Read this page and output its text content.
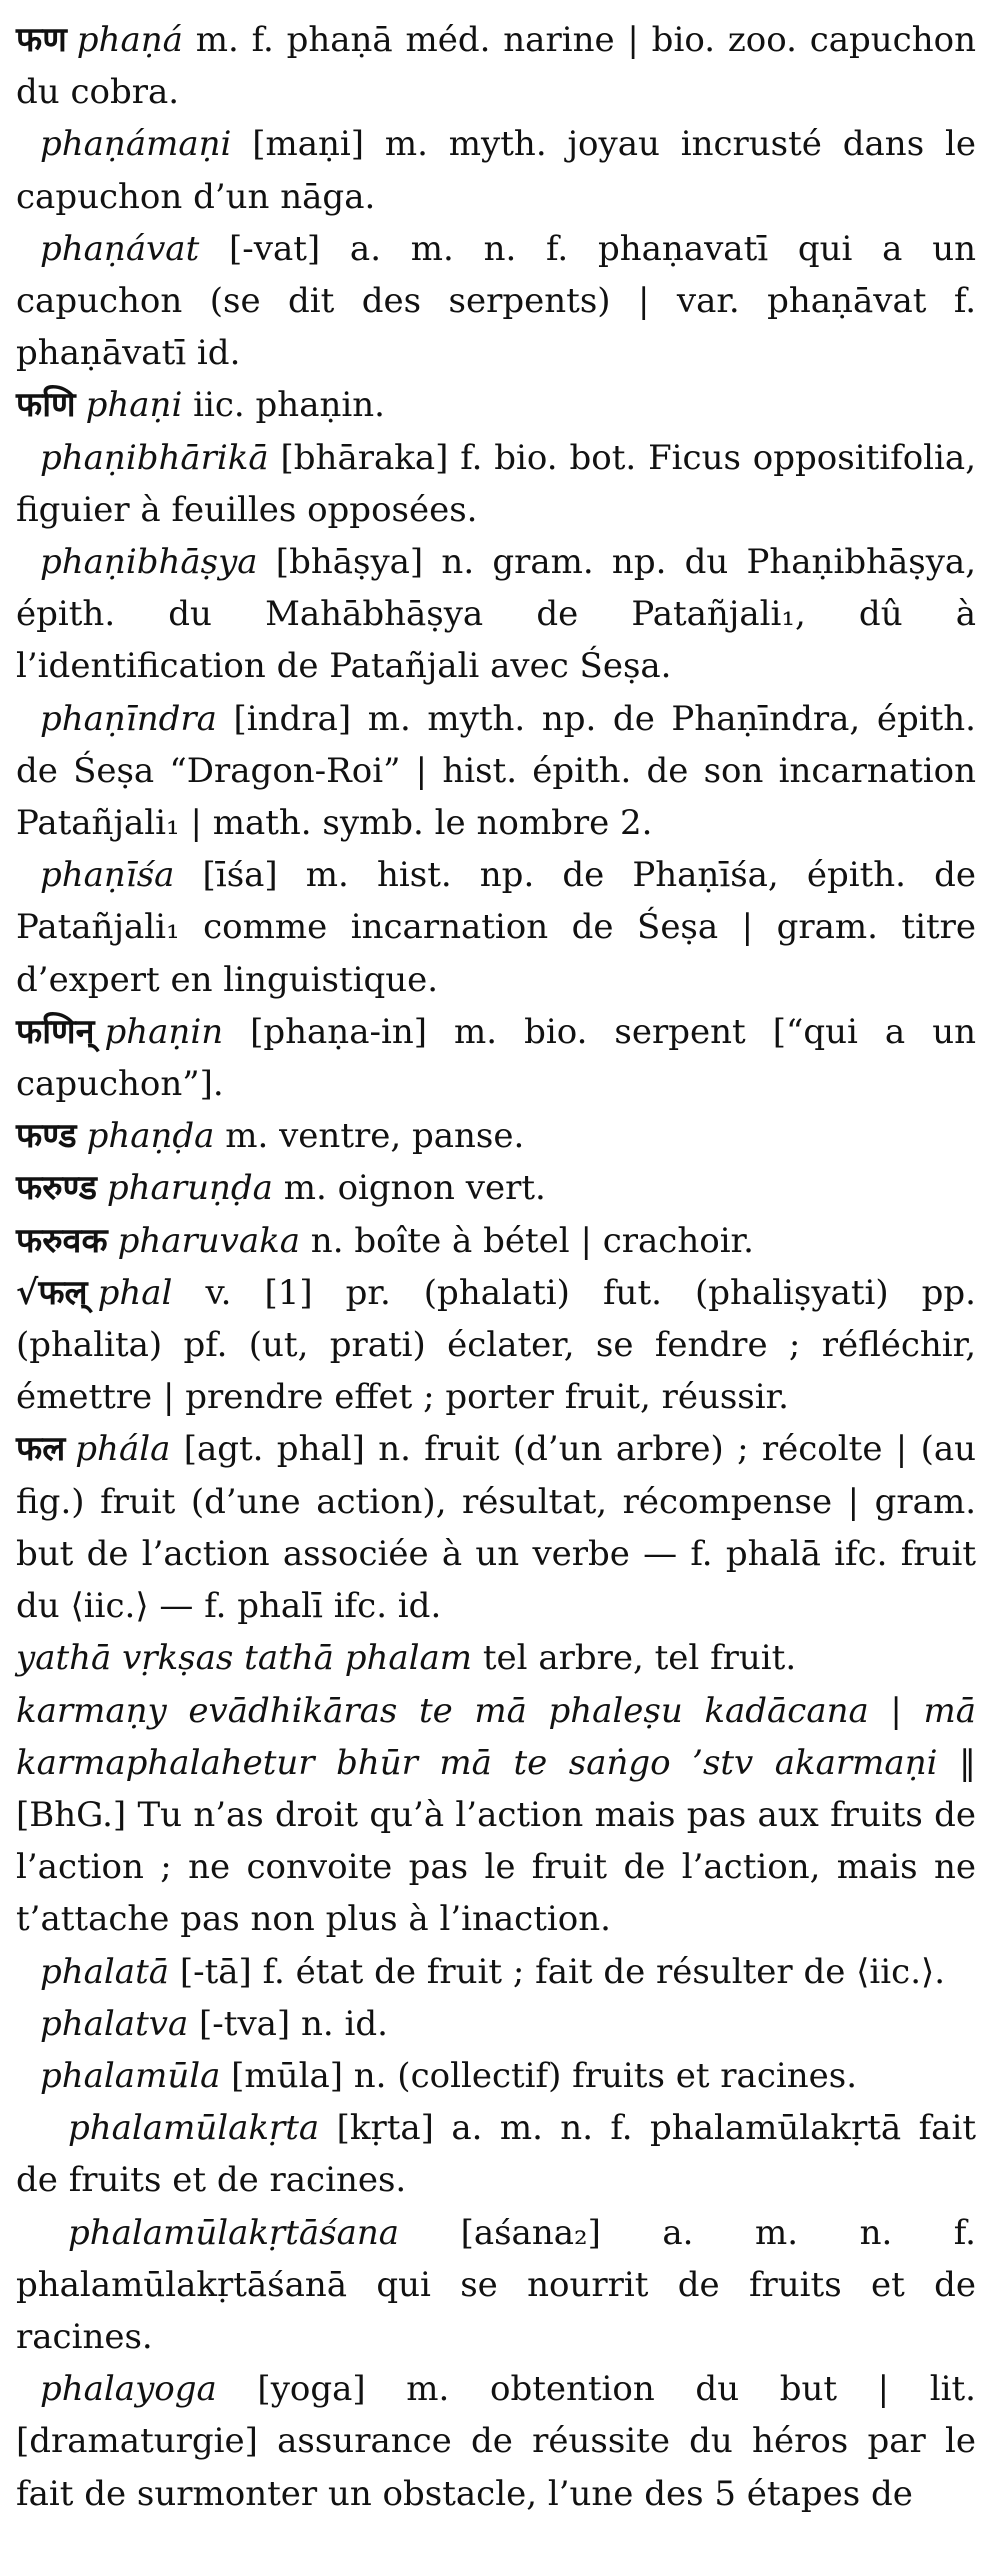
फण phaṇá m. f. phaṇā méd. narine | bio. zoo. capuchon du cobra.

phaṇámaṇi [maṇi] m. myth. joyau incrusté dans le capuchon d’un nāga.

phaṇávat [-vat] a. m. n. f. phaṇavatī qui a un capuchon (se dit des serpents) | var. phaṇāvat f. phaṇāvatī id.

फणि phaṇi iic. phaṇin.

phaṇibhārikā [bhāraka] f. bio. bot. Ficus oppositifolia, figuier à feuilles opposées.

phaṇibhāṣya [bhāṣya] n. gram. np. du Phaṇibhāṣya, épith. du Mahābhāṣya de Patañjali₁, dû à l’identification de Patañjali avec Śeṣa.

phaṇīndra [indra] m. myth. np. de Phaṇīndra, épith. de Śeṣa “Dragon-Roi” | hist. épith. de son incarnation Patañjali₁ | math. symb. le nombre 2.

phaṇīśa [īśa] m. hist. np. de Phaṇīśa, épith. de Patañjali₁ comme incarnation de Śeṣa | gram. titre d’expert en linguistique.

फणिन् phaṇin [phaṇa-in] m. bio. serpent [“qui a un capuchon”].

फण्ड phaṇḍa m. ventre, panse.

फरुण्ड pharuṇḍa m. oignon vert.

फरुवक pharuvaka n. boîte à bétel | crachoir.

√फल् phal v. [1] pr. (phalati) fut. (phaliṣyati) pp. (phalita) pf. (ut, prati) éclater, se fendre ; réfléchir, émettre | prendre effet ; porter fruit, réussir.

फल phála [agt. phal] n. fruit (d’un arbre) ; récolte | (au fig.) fruit (d’une action), résultat, récompense | gram. but de l’action associée à un verbe — f. phalā ifc. fruit du ⟨iic.⟩ — f. phalī ifc. id.

yathā vṛkṣas tathā phalam tel arbre, tel fruit.

karmaṇy evādhikāras te mā phaleṣu kadācana | mā karmaphalahetur bhūr mā te saṅgo ’stv akarmaṇi ‖ [BhG.] Tu n’as droit qu’à l’action mais pas aux fruits de l’action ; ne convoite pas le fruit de l’action, mais ne t’attache pas non plus à l’inaction.

phalatā [-tā] f. état de fruit ; fait de résulter de ⟨iic.⟩.

phalatva [-tva] n. id.

phalamūla [mūla] n. (collectif) fruits et racines.

phalamūlakṛta [kṛta] a. m. n. f. phalamūlakṛtā fait de fruits et de racines.

phalamūlakṛtāśana [aśana₂] a. m. n. f. phalamūlakṛtāśanā qui se nourrit de fruits et de racines.

phalayoga [yoga] m. obtention du but | lit. [dramaturgie] assurance de réussite du héros par le fait de surmonter un obstacle, l’une des 5 étapes de
